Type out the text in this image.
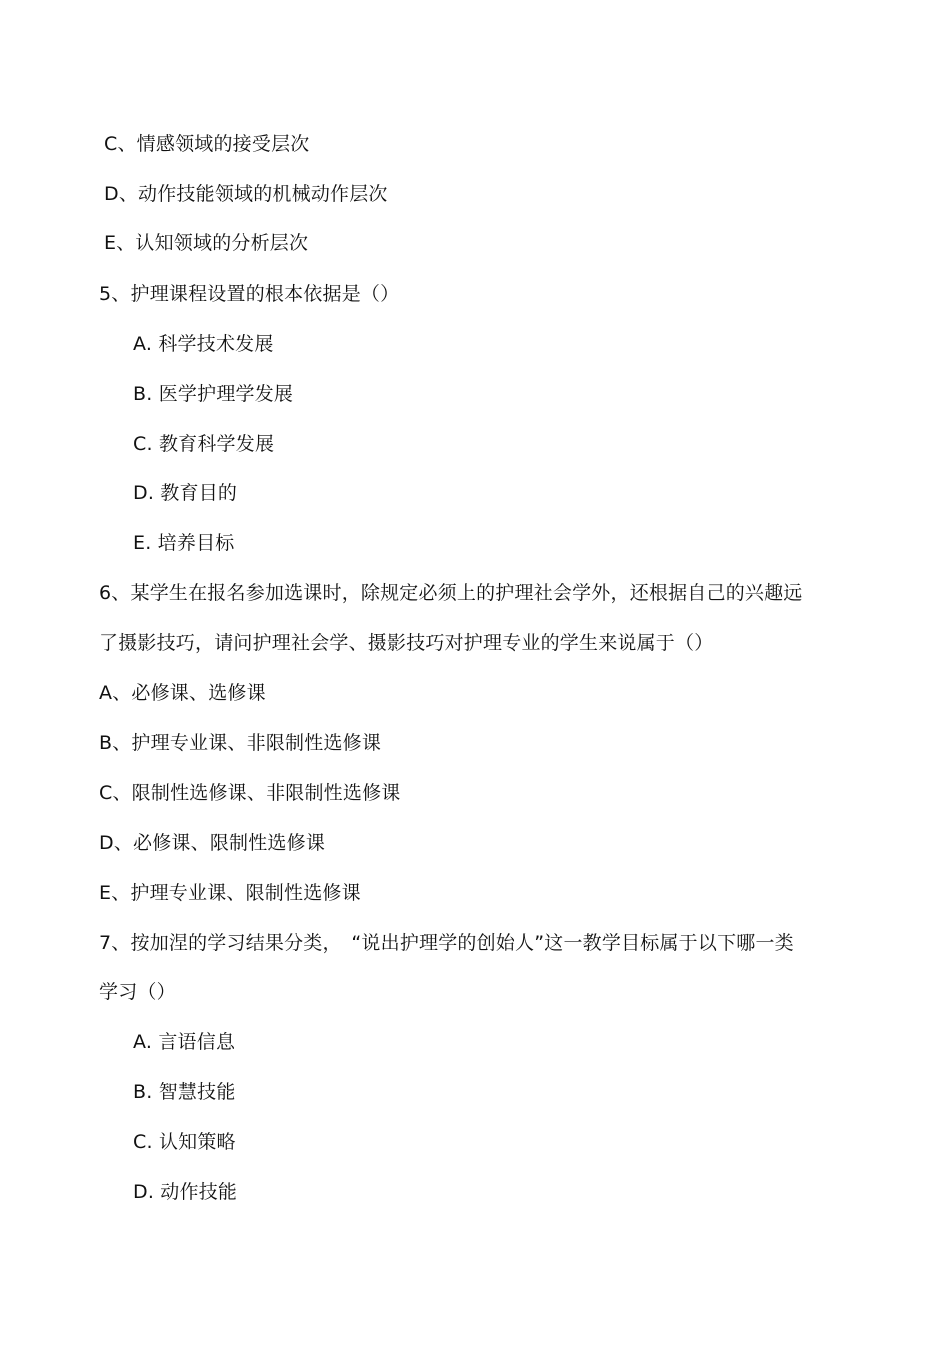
C、情感领域的接受层次
D、动作技能领域的机械动作层次
E、认知领域的分析层次
5、护理课程设置的根本依据是（）
A. 科学技术发展
B. 医学护理学发展
C. 教育科学发展
D. 教育目的
E. 培养目标
6、某学生在报名参加选课时，除规定必须上的护理社会学外，还根据自己的兴趣远
了摄影技巧，请问护理社会学、摄影技巧对护理专业的学生来说属于（）
A、必修课、选修课
B、护理专业课、非限制性选修课
C、限制性选修课、非限制性选修课
D、必修课、限制性选修课
E、护理专业课、限制性选修课
7、按加涅的学习结果分类，　“说出护理学的创始人”这一教学目标属于以下哪一类
学习（）
A. 言语信息
B. 智慧技能
C. 认知策略
D. 动作技能
